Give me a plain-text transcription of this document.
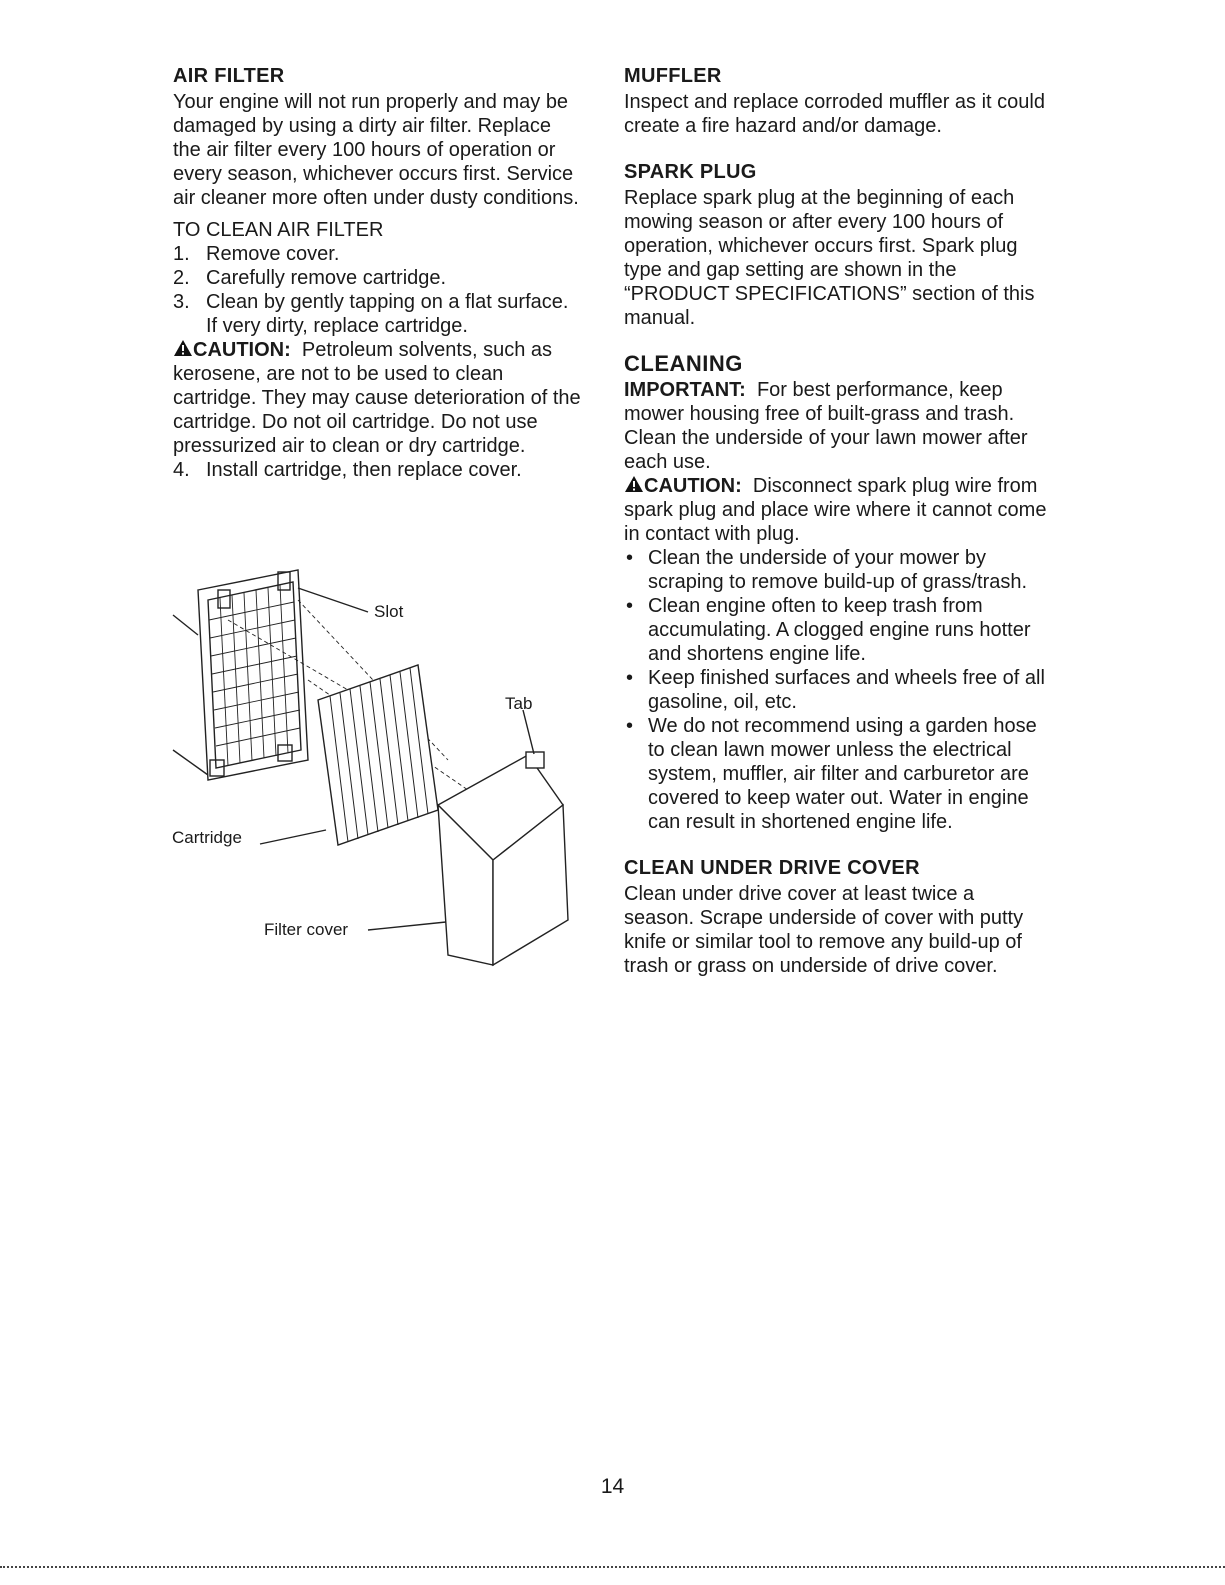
AIR FILTER

Your engine will not run properly and may be damaged by using a dirty air filter. Replace the air filter every 100 hours of operation or every season, whichever occurs first. Service air cleaner more often under dusty conditions.

TO CLEAN AIR FILTER

1. Remove cover.
2. Carefully remove cartridge.
3. Clean by gently tapping on a flat surface. If very dirty, replace cartridge.

CAUTION: Petroleum solvents, such as kerosene, are not to be used to clean cartridge. They may cause deterioration of the cartridge. Do not oil cartridge. Do not use pressurized air to clean or dry cartridge.

4. Install cartridge, then replace cover.
Slot
Tab
Cartridge
Filter cover
MUFFLER

Inspect and replace corroded muffler as it could create a fire hazard and/or damage.

SPARK PLUG

Replace spark plug at the beginning of each mowing season or after every 100 hours of operation, whichever occurs first. Spark plug type and gap setting are shown in the “PRODUCT SPECIFICATIONS” section of this manual.

CLEANING

IMPORTANT: For best performance, keep mower housing free of built-grass and trash. Clean the underside of your lawn mower after each use.

CAUTION: Disconnect spark plug wire from spark plug and place wire where it cannot come in contact with plug.

• Clean the underside of your mower by scraping to remove build-up of grass/trash.
• Clean engine often to keep trash from accumulating. A clogged engine runs hotter and shortens engine life.
• Keep finished surfaces and wheels free of all gasoline, oil, etc.
• We do not recommend using a garden hose to clean lawn mower unless the electrical system, muffler, air filter and carburetor are covered to keep water out. Water in engine can result in shortened engine life.
CLEAN UNDER DRIVE COVER

Clean under drive cover at least twice a season. Scrape underside of cover with putty knife or similar tool to remove any build-up of trash or grass on underside of drive cover.

14
